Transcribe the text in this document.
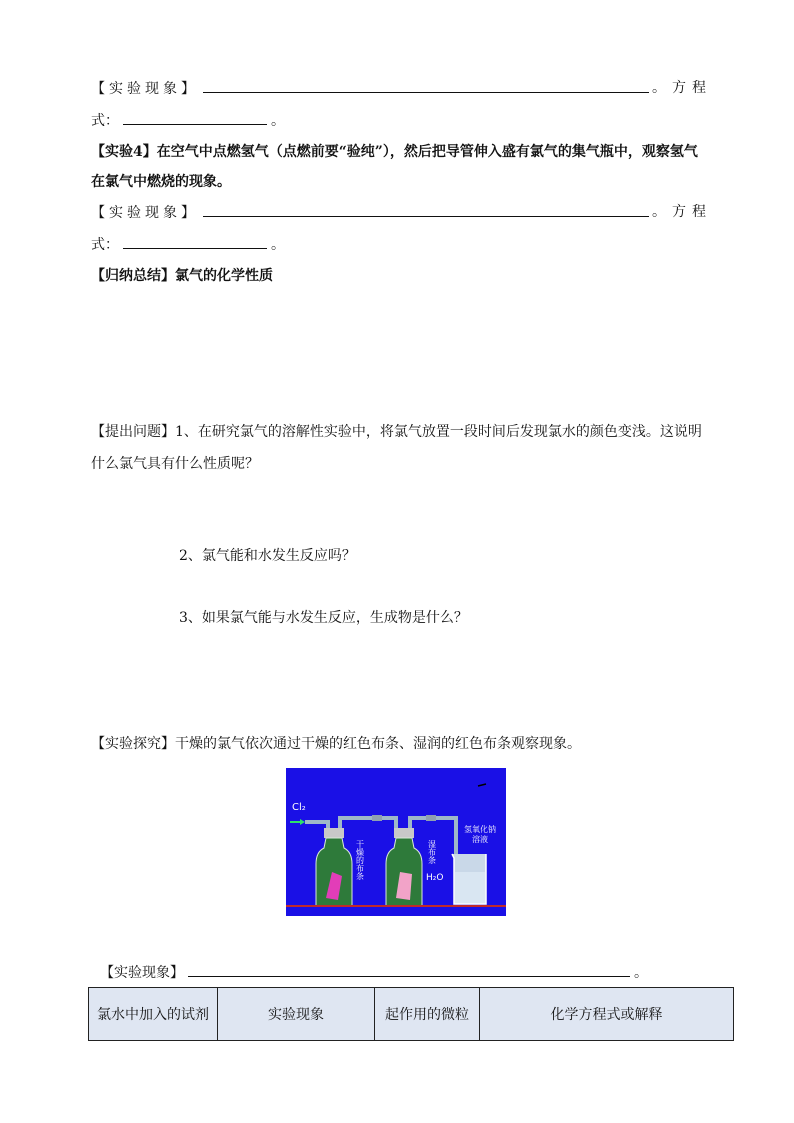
【实验现象】	。方程
式：	。
【实验4】在空气中点燃氢气（点燃前要“验纯”），然后把导管伸入盛有氯气的集气瓶中，观察氢气
在氯气中燃烧的现象。
【实验现象】	。方程
式：	。
【归纳总结】氯气的化学性质
【提出问题】1、在研究氯气的溶解性实验中，将氯气放置一段时间后发现氯水的颜色变浅。这说明
什么氯气具有什么性质呢？
2、氯气能和水发生反应吗？
3、如果氯气能与水发生反应，生成物是什么？
【实验探究】干燥的氯气依次通过干燥的红色布条、湿润的红色布条观察现象。
Cl₂
干燥的布条	湿布条
H₂O
氢氧化钠
溶液
【实验现象】	。
氯水中加入的试剂	实验现象	起作用的微粒	化学方程式或解释
